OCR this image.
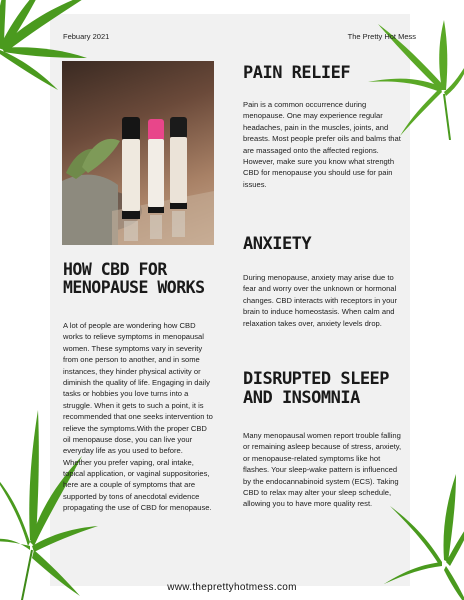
Febuary 2021	The Pretty Hot Mess
HOW CBD FOR MENOPAUSE WORKS
A lot of people are wondering how CBD works to relieve symptoms in menopausal women. These symptoms vary in severity from one person to another, and in some instances, they hinder physical activity or diminish the quality of life. Engaging in daily tasks or hobbies you love turns into a struggle. When it gets to such a point, it is recommended that one seeks intervention to relieve the symptoms.With the proper CBD oil menopause dose, you can live your everyday life as you used to before. Whether you prefer vaping, oral intake, topical application, or vaginal suppositories, here are a couple of symptoms that are supported by tons of anecdotal evidence propagating the use of CBD for menopause.
PAIN RELIEF
Pain is a common occurrence during menopause. One may experience regular headaches, pain in the muscles, joints, and breasts. Most people prefer oils and balms that are massaged onto the affected regions. However, make sure you know what strength CBD for menopause you should use for pain issues.
ANXIETY
During menopause, anxiety may arise due to fear and worry over the unknown or hormonal changes. CBD interacts with receptors in your brain to induce homeostasis. When calm and relaxation takes over, anxiety levels drop.
DISRUPTED SLEEP AND INSOMNIA
Many menopausal women report trouble falling or remaining asleep because of stress, anxiety, or menopause-related symptoms like hot flashes. Your sleep-wake pattern is influenced by the endocannabinoid system (ECS). Taking CBD to relax may alter your sleep schedule, allowing you to have more quality rest.
www.theprettyhotmess.com
